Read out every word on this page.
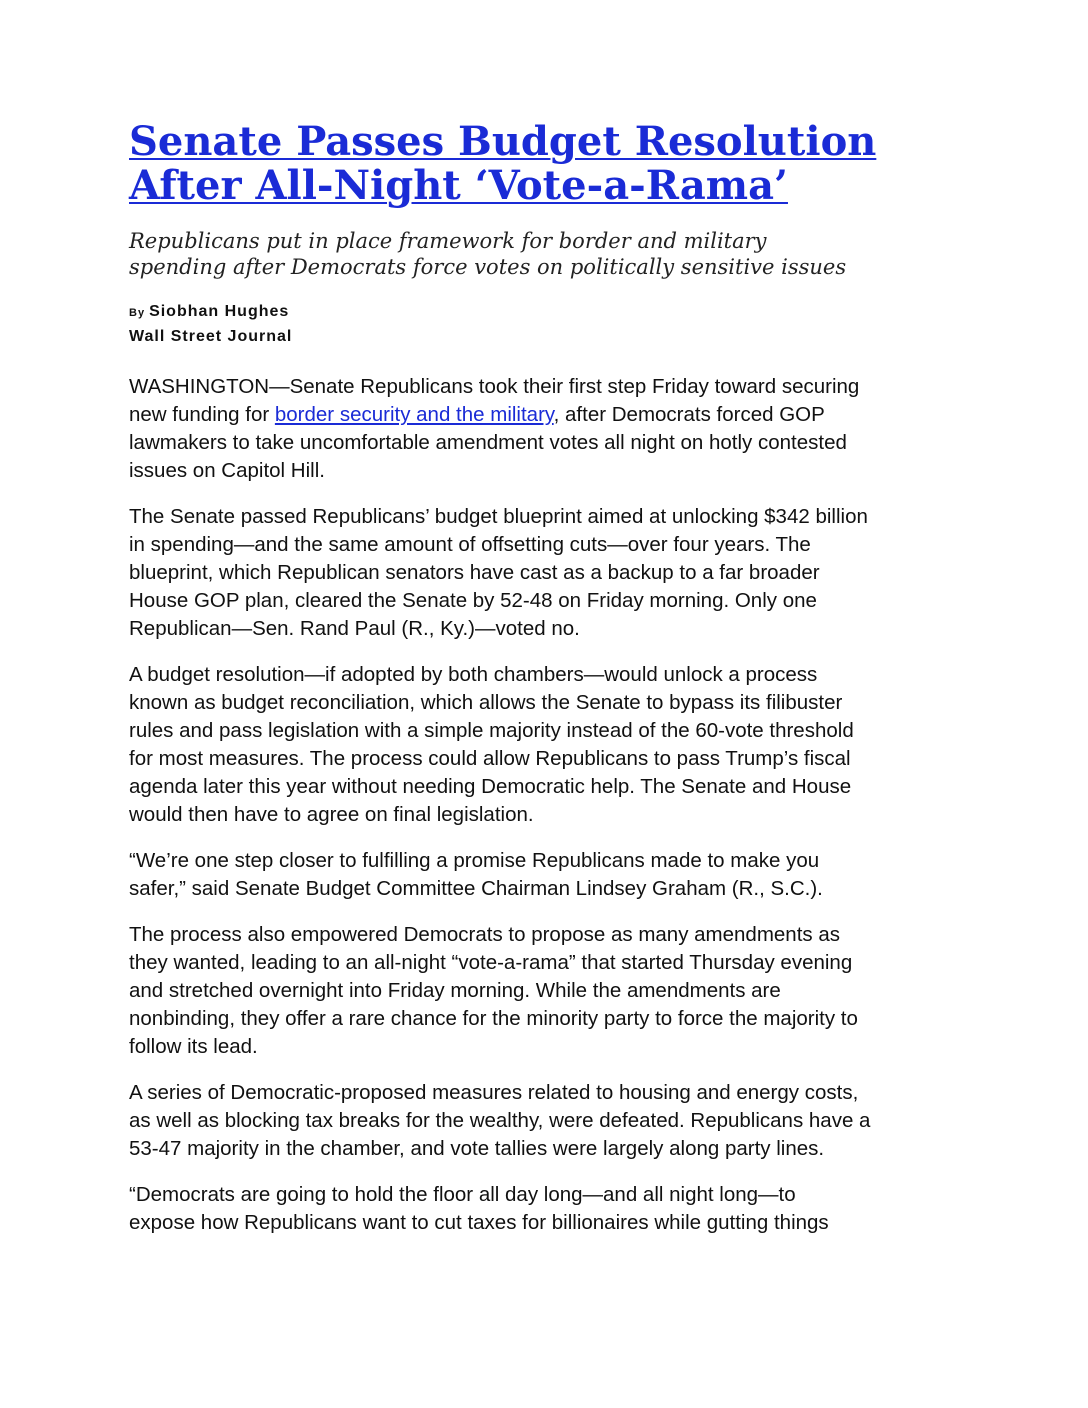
Senate Passes Budget Resolution
After All-Night ‘Vote-a-Rama’
Republicans put in place framework for border and military
spending after Democrats force votes on politically sensitive issues
By Siobhan Hughes
Wall Street Journal

WASHINGTON—Senate Republicans took their first step Friday toward securing
new funding for border security and the military, after Democrats forced GOP
lawmakers to take uncomfortable amendment votes all night on hotly contested
issues on Capitol Hill.

The Senate passed Republicans’ budget blueprint aimed at unlocking $342 billion
in spending—and the same amount of offsetting cuts—over four years. The
blueprint, which Republican senators have cast as a backup to a far broader
House GOP plan, cleared the Senate by 52-48 on Friday morning. Only one
Republican—Sen. Rand Paul (R., Ky.)—voted no.

A budget resolution—if adopted by both chambers—would unlock a process
known as budget reconciliation, which allows the Senate to bypass its filibuster
rules and pass legislation with a simple majority instead of the 60-vote threshold
for most measures. The process could allow Republicans to pass Trump’s fiscal
agenda later this year without needing Democratic help. The Senate and House
would then have to agree on final legislation.

“We’re one step closer to fulfilling a promise Republicans made to make you
safer,” said Senate Budget Committee Chairman Lindsey Graham (R., S.C.).

The process also empowered Democrats to propose as many amendments as
they wanted, leading to an all-night “vote-a-rama” that started Thursday evening
and stretched overnight into Friday morning. While the amendments are
nonbinding, they offer a rare chance for the minority party to force the majority to
follow its lead.

A series of Democratic-proposed measures related to housing and energy costs,
as well as blocking tax breaks for the wealthy, were defeated. Republicans have a
53-47 majority in the chamber, and vote tallies were largely along party lines.

“Democrats are going to hold the floor all day long—and all night long—to
expose how Republicans want to cut taxes for billionaires while gutting things
